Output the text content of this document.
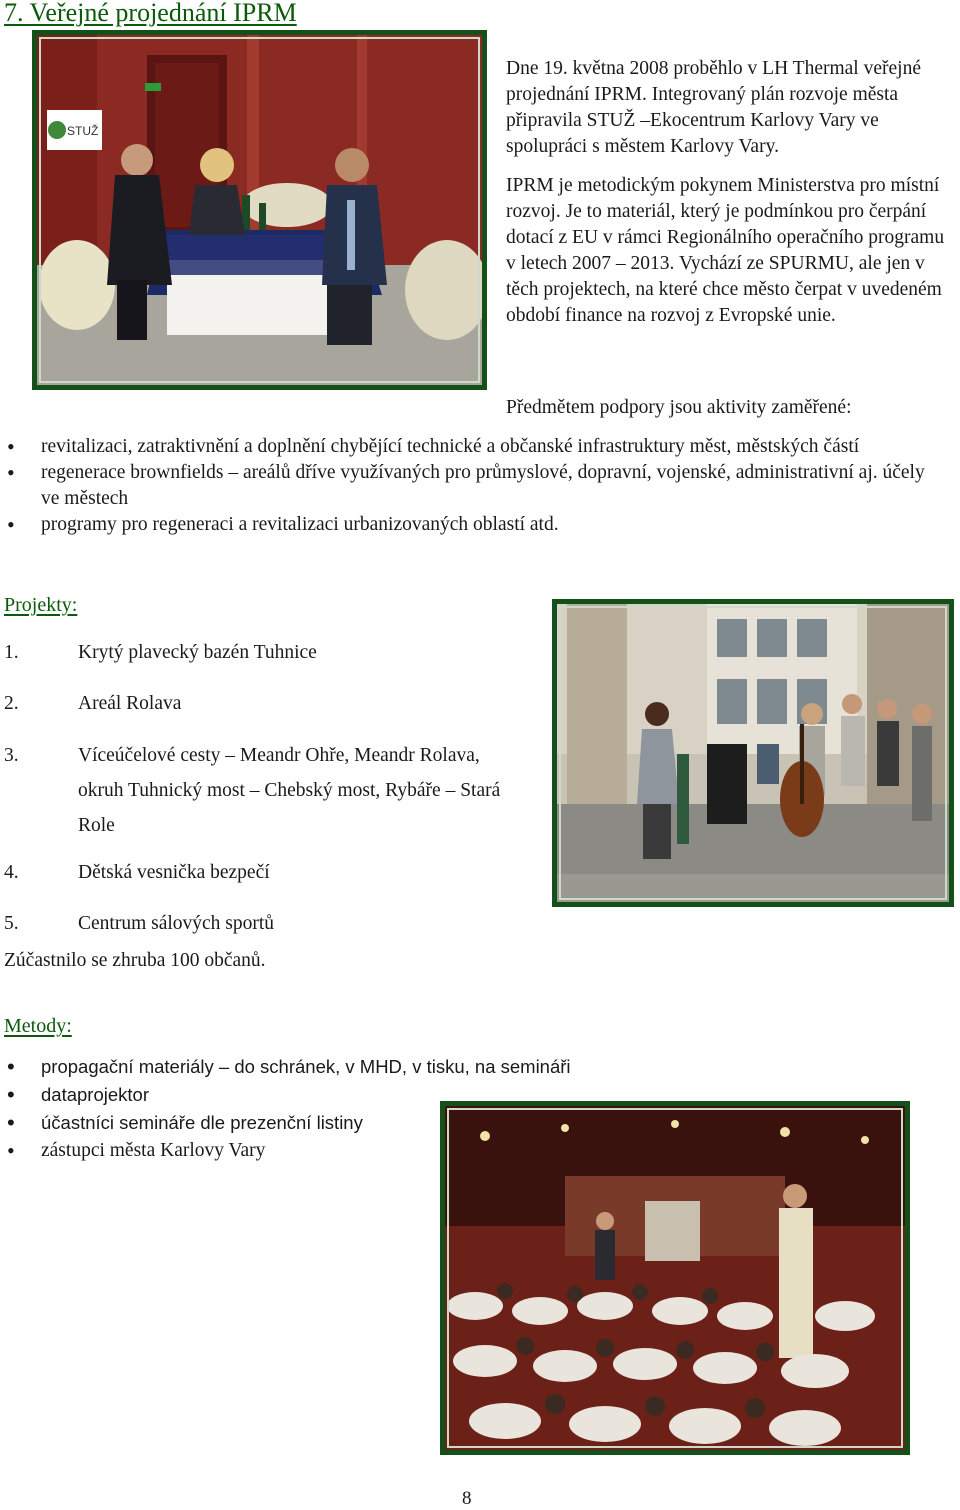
7. Veřejné projednání IPRM
STUŽ

Dne 19. května 2008 proběhlo v LH Thermal veřejné projednání IPRM. Integrovaný plán rozvoje města připravila STUŽ –Ekocentrum Karlovy Vary ve spolupráci s městem Karlovy Vary.

IPRM je metodickým pokynem Ministerstva pro místní rozvoj. Je to materiál, který je podmínkou pro čerpání dotací z EU v rámci Regionálního operačního programu v letech 2007 – 2013. Vychází ze SPURMU, ale jen v těch projektech, na které chce město čerpat v uvedeném období finance na rozvoj z Evropské unie.

Předmětem podpory jsou aktivity zaměřené:

• revitalizaci, zatraktivnění a doplnění chybějící technické a občanské infrastruktury měst, městských částí
• regenerace brownfields – areálů dříve využívaných pro průmyslové, dopravní, vojenské, administrativní aj. účely ve městech
• programy pro regeneraci a revitalizaci urbanizovaných oblastí atd.
Projekty:
1.	Krytý plavecký bazén Tuhnice
2.	Areál Rolava
3.	Víceúčelové cesty – Meandr Ohře, Meandr Rolava, okruh Tuhnický most – Chebský most, Rybáře – Stará Role
4.	Dětská vesnička bezpečí
5.	Centrum sálových sportů

Zúčastnilo se zhruba 100 občanů.

Metody:
• propagační materiály – do schránek, v MHD, v tisku, na semináři
• dataprojektor
• účastníci semináře dle prezenční listiny
• zástupci města Karlovy Vary
8
